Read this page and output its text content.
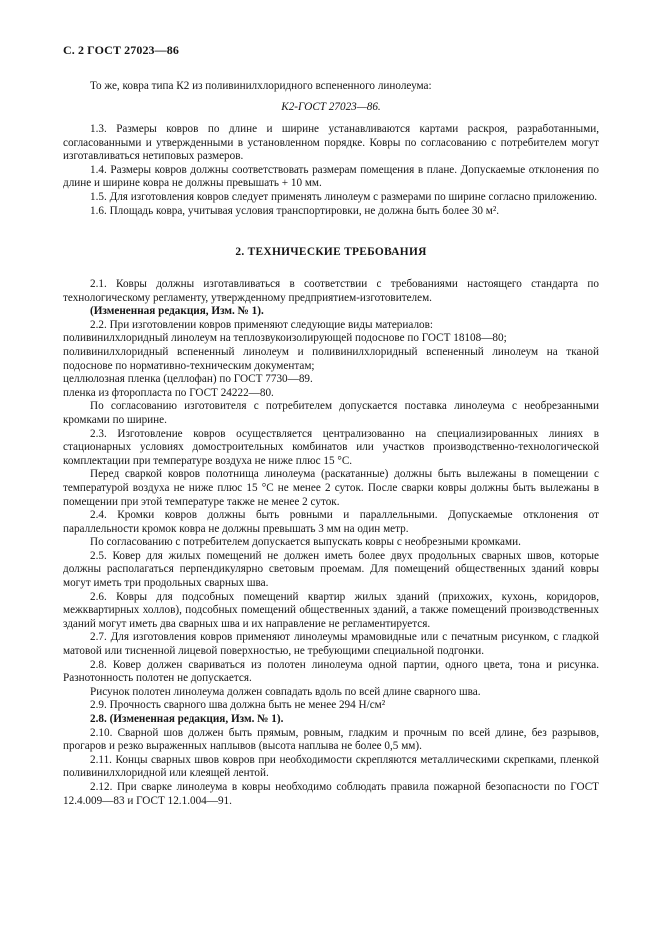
С. 2 ГОСТ 27023—86

То же, ковра типа К2 из поливинилхлоридного вспененного линолеума:

К2-ГОСТ 27023—86.

1.3. Размеры ковров по длине и ширине устанавливаются картами раскроя, разработанными, согласованными и утвержденными в установленном порядке. Ковры по согласованию с потребителем могут изготавливаться нетиповых размеров.

1.4. Размеры ковров должны соответствовать размерам помещения в плане. Допускаемые отклонения по длине и ширине ковра не должны превышать + 10 мм.

1.5. Для изготовления ковров следует применять линолеум с размерами по ширине согласно приложению.

1.6. Площадь ковра, учитывая условия транспортировки, не должна быть более 30 м².

2. ТЕХНИЧЕСКИЕ ТРЕБОВАНИЯ

2.1. Ковры должны изготавливаться в соответствии с требованиями настоящего стандарта по технологическому регламенту, утвержденному предприятием-изготовителем.

(Измененная редакция, Изм. № 1).

2.2. При изготовлении ковров применяют следующие виды материалов:

поливинилхлоридный линолеум на теплозвукоизолирующей подоснове по ГОСТ 18108—80;

поливинилхлоридный вспененный линолеум и поливинилхлоридный вспененный линолеум на тканой подоснове по нормативно-техническим документам;

целлюлозная пленка (целлофан) по ГОСТ 7730—89.

пленка из фторопласта по ГОСТ 24222—80.

По согласованию изготовителя с потребителем допускается поставка линолеума с необрезанными кромками по ширине.

2.3. Изготовление ковров осуществляется централизованно на специализированных линиях в стационарных условиях домостроительных комбинатов или участков производственно-технологической комплектации при температуре воздуха не ниже плюс 15 °С.

Перед сваркой ковров полотнища линолеума (раскатанные) должны быть вылежаны в помещении с температурой воздуха не ниже плюс 15 °С не менее 2 суток. После сварки ковры должны быть вылежаны в помещении при этой температуре также не менее 2 суток.

2.4. Кромки ковров должны быть ровными и параллельными. Допускаемые отклонения от параллельности кромок ковра не должны превышать 3 мм на один метр.

По согласованию с потребителем допускается выпускать ковры с необрезными кромками.

2.5. Ковер для жилых помещений не должен иметь более двух продольных сварных швов, которые должны располагаться перпендикулярно световым проемам. Для помещений общественных зданий ковры могут иметь три продольных сварных шва.

2.6. Ковры для подсобных помещений квартир жилых зданий (прихожих, кухонь, коридоров, межквартирных холлов), подсобных помещений общественных зданий, а также помещений производственных зданий могут иметь два сварных шва и их направление не регламентируется.

2.7. Для изготовления ковров применяют линолеумы мрамовидные или с печатным рисунком, с гладкой матовой или тисненной лицевой поверхностью, не требующими специальной подгонки.

2.8. Ковер должен свариваться из полотен линолеума одной партии, одного цвета, тона и рисунка. Разнотонность полотен не допускается.

Рисунок полотен линолеума должен совпадать вдоль по всей длине сварного шва.

2.9. Прочность сварного шва должна быть не менее 294 Н/см²

2.8. (Измененная редакция, Изм. № 1).

2.10. Сварной шов должен быть прямым, ровным, гладким и прочным по всей длине, без разрывов, прогаров и резко выраженных наплывов (высота наплыва не более 0,5 мм).

2.11. Концы сварных швов ковров при необходимости скрепляются металлическими скрепками, пленкой поливинилхлоридной или клеящей лентой.

2.12. При сварке линолеума в ковры необходимо соблюдать правила пожарной безопасности по ГОСТ 12.4.009—83 и ГОСТ 12.1.004—91.
